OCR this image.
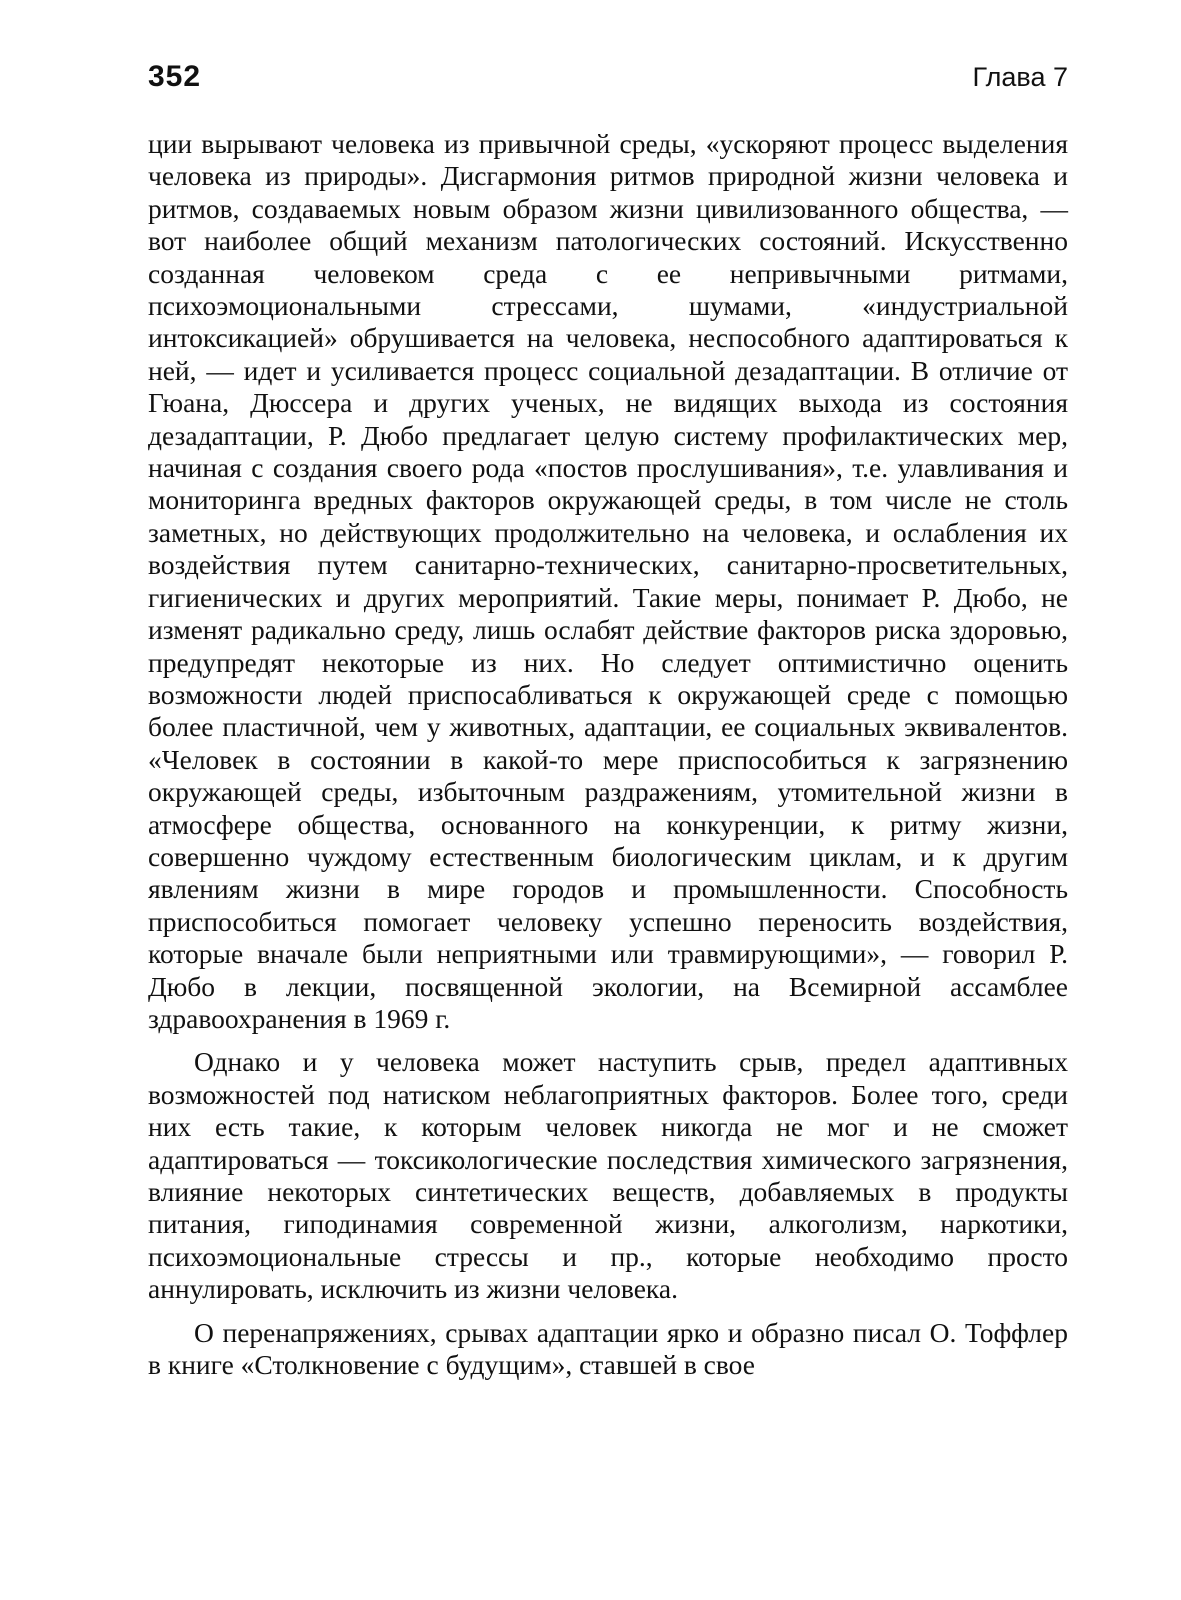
352	Глава 7

ции вырывают человека из привычной среды, «ускоряют процесс выделения человека из природы». Дисгармония ритмов природной жизни человека и ритмов, создаваемых новым образом жизни цивилизованного общества, — вот наиболее общий механизм патологических состояний. Искусственно созданная человеком среда с ее непривычными ритмами, психоэмоциональными стрессами, шумами, «индустриальной интоксикацией» обрушивается на человека, неспособного адаптироваться к ней, — идет и усиливается процесс социальной дезадаптации. В отличие от Гюана, Дюссера и других ученых, не видящих выхода из состояния дезадаптации, Р. Дюбо предлагает целую систему профилактических мер, начиная с создания своего рода «постов прослушивания», т.е. улавливания и мониторинга вредных факторов окружающей среды, в том числе не столь заметных, но действующих продолжительно на человека, и ослабления их воздействия путем санитарно-технических, санитарно-просветительных, гигиенических и других мероприятий. Такие меры, понимает Р. Дюбо, не изменят радикально среду, лишь ослабят действие факторов риска здоровью, предупредят некоторые из них. Но следует оптимистично оценить возможности людей приспосабливаться к окружающей среде с помощью более пластичной, чем у животных, адаптации, ее социальных эквивалентов. «Человек в состоянии в какой-то мере приспособиться к загрязнению окружающей среды, избыточным раздражениям, утомительной жизни в атмосфере общества, основанного на конкуренции, к ритму жизни, совершенно чуждому естественным биологическим циклам, и к другим явлениям жизни в мире городов и промышленности. Способность приспособиться помогает человеку успешно переносить воздействия, которые вначале были неприятными или травмирующими», — говорил Р. Дюбо в лекции, посвященной экологии, на Всемирной ассамблее здравоохранения в 1969 г.

Однако и у человека может наступить срыв, предел адаптивных возможностей под натиском неблагоприятных факторов. Более того, среди них есть такие, к которым человек никогда не мог и не сможет адаптироваться — токсикологические последствия химического загрязнения, влияние некоторых синтетических веществ, добавляемых в продукты питания, гиподинамия современной жизни, алкоголизм, наркотики, психоэмоциональные стрессы и пр., которые необходимо просто аннулировать, исключить из жизни человека.

О перенапряжениях, срывах адаптации ярко и образно писал О. Тоффлер в книге «Столкновение с будущим», ставшей в свое
